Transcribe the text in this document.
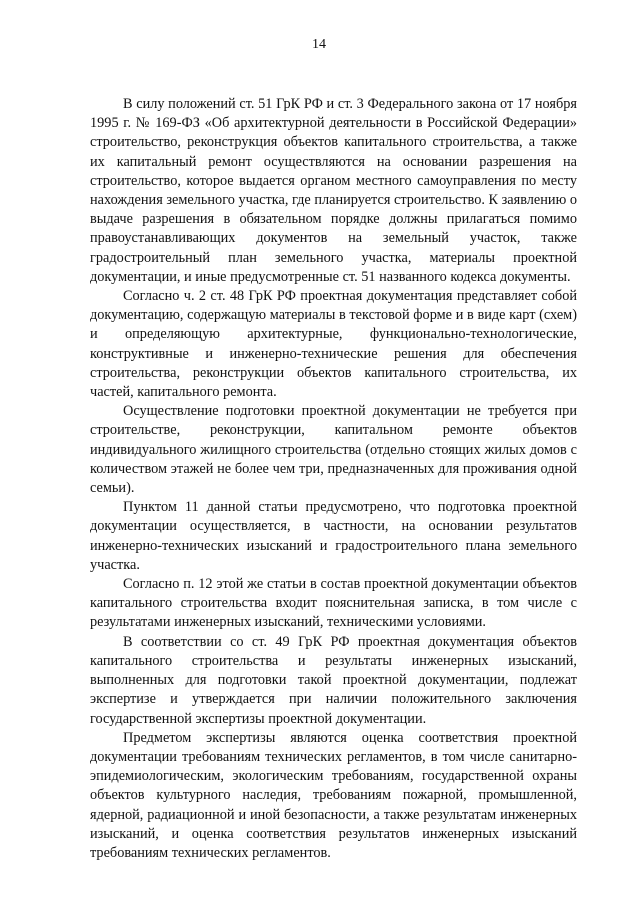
14

В силу положений ст. 51 ГрК РФ и ст. 3 Федерального закона от 17 ноября 1995 г. № 169-ФЗ «Об архитектурной деятельности в Российской Федерации» строительство, реконструкция объектов капитального строительства, а также их капитальный ремонт осуществляются на основании разрешения на строительство, которое выдается органом местного самоуправления по месту нахождения земельного участка, где планируется строительство. К заявлению о выдаче разрешения в обязательном порядке должны прилагаться помимо правоустанавливающих документов на земельный участок, также градостроительный план земельного участка, материалы проектной документации, и иные предусмотренные ст. 51 названного кодекса документы.

Согласно ч. 2 ст. 48 ГрК РФ проектная документация представляет собой документацию, содержащую материалы в текстовой форме и в виде карт (схем) и определяющую архитектурные, функционально-технологические, конструктивные и инженерно-технические решения для обеспечения строительства, реконструкции объектов капитального строительства, их частей, капитального ремонта.

Осуществление подготовки проектной документации не требуется при строительстве, реконструкции, капитальном ремонте объектов индивидуального жилищного строительства (отдельно стоящих жилых домов с количеством этажей не более чем три, предназначенных для проживания одной семьи).

Пунктом 11 данной статьи предусмотрено, что подготовка проектной документации осуществляется, в частности, на основании результатов инженерно-технических изысканий и градостроительного плана земельного участка.

Согласно п. 12 этой же статьи в состав проектной документации объектов капитального строительства входит пояснительная записка, в том числе с результатами инженерных изысканий, техническими условиями.

В соответствии со ст. 49 ГрК РФ проектная документация объектов капитального строительства и результаты инженерных изысканий, выполненных для подготовки такой проектной документации, подлежат экспертизе и утверждается при наличии положительного заключения государственной экспертизы проектной документации.

Предметом экспертизы являются оценка соответствия проектной документации требованиям технических регламентов, в том числе санитарно-эпидемиологическим, экологическим требованиям, государственной охраны объектов культурного наследия, требованиям пожарной, промышленной, ядерной, радиационной и иной безопасности, а также результатам инженерных изысканий, и оценка соответствия результатов инженерных изысканий требованиям технических регламентов.
